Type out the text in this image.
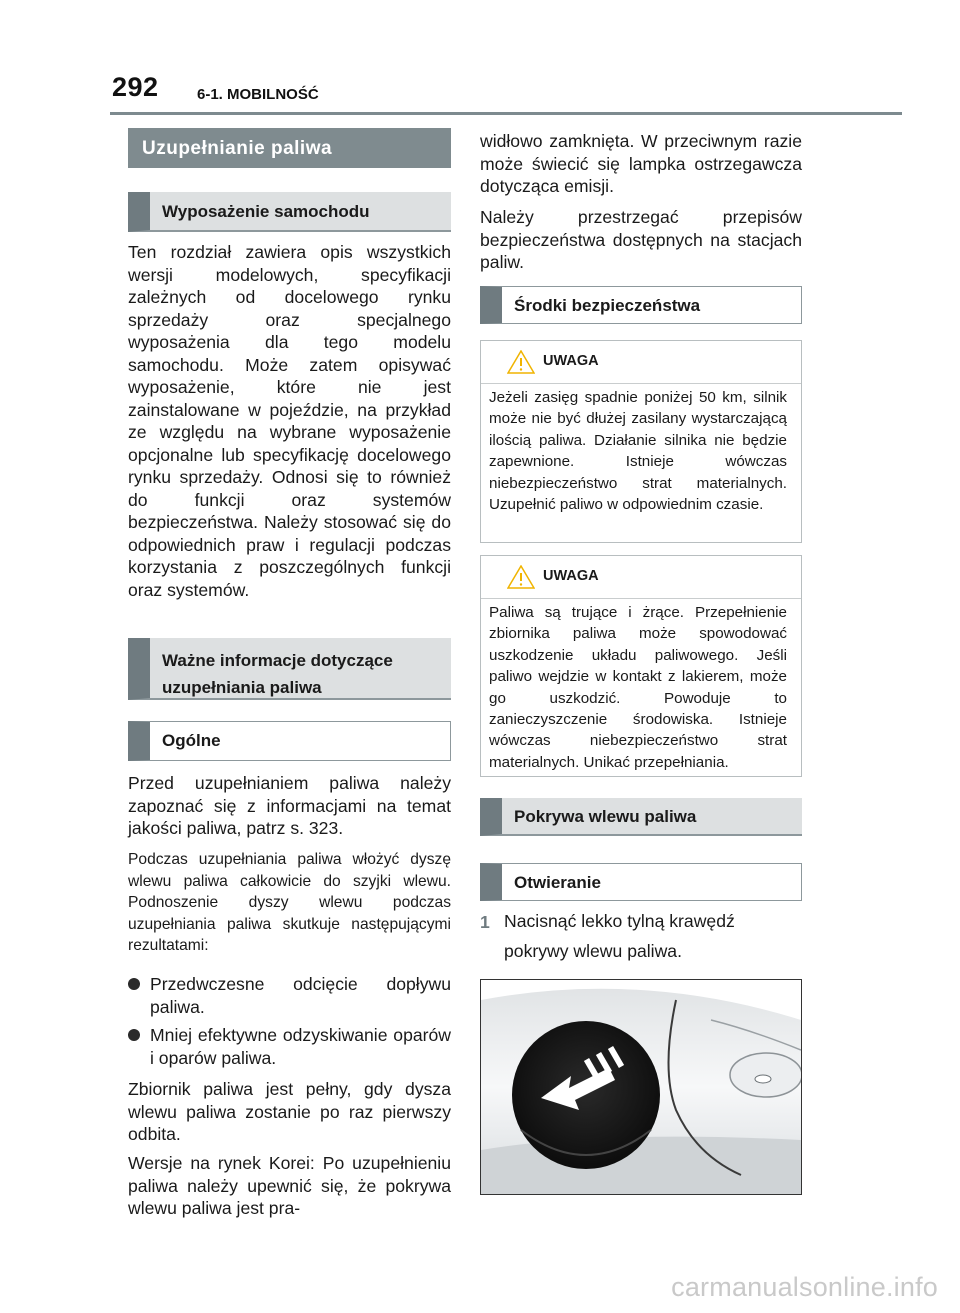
292	6-1. MOBILNOŚĆ
Uzupełnianie paliwa
Wyposażenie samochodu

Ten rozdział zawiera opis wszystkich wersji modelowych, specyfikacji zależnych od docelowego rynku sprzedaży oraz specjalnego wyposażenia dla tego modelu samochodu. Może zatem opisywać wyposażenie, które nie jest zainstalowane w pojeździe, na przykład ze względu na wybrane wyposażenie opcjonalne lub specyfikację docelowego rynku sprzedaży. Odnosi się to również do funkcji oraz systemów bezpieczeństwa. Należy stosować się do odpowiednich praw i regulacji podczas korzystania z poszczególnych funkcji oraz systemów.

Ważne informacje dotyczące
uzupełniania paliwa
Ogólne

Przed uzupełnianiem paliwa należy zapoznać się z informacjami na temat jakości paliwa, patrz s. 323.

Podczas uzupełniania paliwa włożyć dyszę wlewu paliwa całkowicie do szyjki wlewu. Podnoszenie dyszy wlewu podczas uzupełniania paliwa skutkuje następującymi rezultatami:

Przedwczesne odcięcie dopływu paliwa.

Mniej efektywne odzyskiwanie oparów i oparów paliwa.

Zbiornik paliwa jest pełny, gdy dysza wlewu paliwa zostanie po raz pierwszy odbita.

Wersje na rynek Korei: Po uzupełnieniu paliwa należy upewnić się, że pokrywa wlewu paliwa jest pra-

widłowo zamknięta. W przeciwnym razie może świecić się lampka ostrzegawcza dotycząca emisji.

Należy przestrzegać przepisów bezpieczeństwa dostępnych na stacjach paliw.

Środki bezpieczeństwa
UWAGA

Jeżeli zasięg spadnie poniżej 50 km, silnik może nie być dłużej zasilany wystarczającą ilością paliwa. Działanie silnika nie będzie zapewnione. Istnieje wówczas niebezpieczeństwo strat materialnych. Uzupełnić paliwo w odpowiednim czasie.

UWAGA

Paliwa są trujące i żrące. Przepełnienie zbiornika paliwa może spowodować uszkodzenie układu paliwowego. Jeśli paliwo wejdzie w kontakt z lakierem, może go uszkodzić. Powoduje to zanieczyszczenie środowiska. Istnieje wówczas niebezpieczeństwo strat materialnych. Unikać przepełniania.

Pokrywa wlewu paliwa
Otwieranie
1 Nacisnąć lekko tylną krawędź
pokrywy wlewu paliwa.
carmanualsonline.info
